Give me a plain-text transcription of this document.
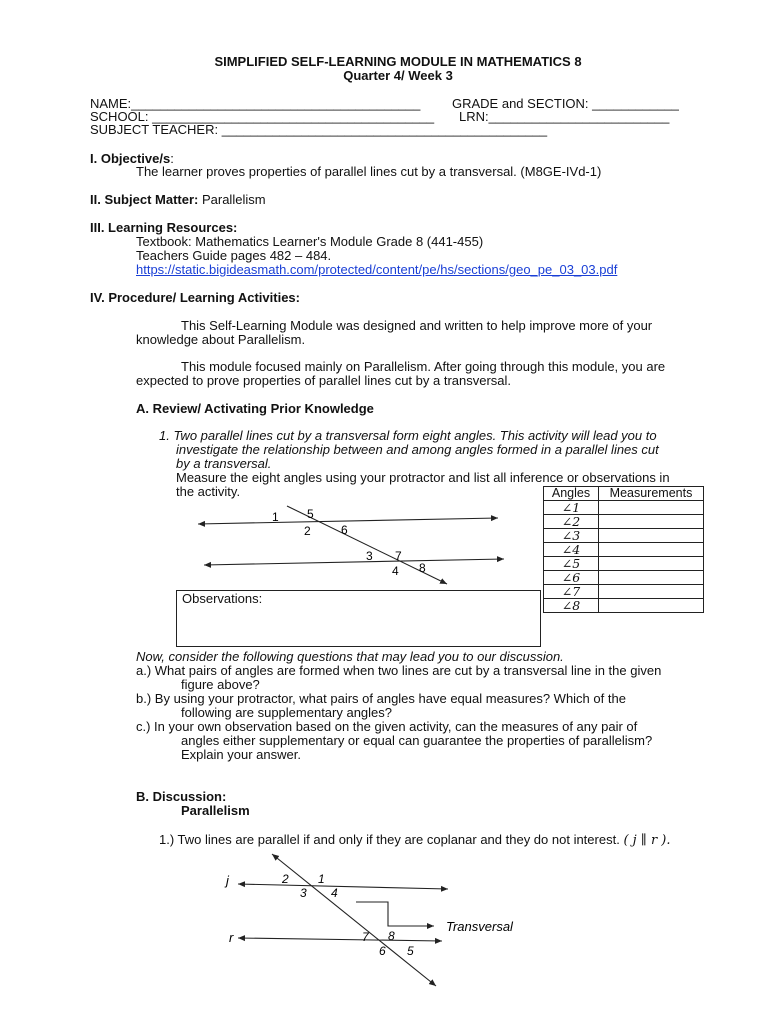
SIMPLIFIED SELF-LEARNING MODULE IN MATHEMATICS 8
Quarter 4/ Week 3
NAME:________________________________________ GRADE and SECTION: ____________
SCHOOL: _______________________________________ LRN:_________________________
SUBJECT TEACHER: _____________________________________________
I. Objective/s:
The learner proves properties of parallel lines cut by a transversal. (M8GE-IVd-1)
II. Subject Matter: Parallelism
III. Learning Resources:
Textbook: Mathematics Learner's Module Grade 8 (441-455)
Teachers Guide pages 482 – 484.
https://static.bigideasmath.com/protected/content/pe/hs/sections/geo_pe_03_03.pdf
IV. Procedure/ Learning Activities:
This Self-Learning Module was designed and written to help improve more of your
knowledge about Parallelism.
This module focused mainly on Parallelism. After going through this module, you are
expected to prove properties of parallel lines cut by a transversal.
A. Review/ Activating Prior Knowledge
1. Two parallel lines cut by a transversal form eight angles. This activity will lead you to
investigate the relationship between and among angles formed in a parallel lines cut
by a transversal.
Measure the eight angles using your protractor and list all inference or observations in
the activity.
1 5
2	6
3 7
4 8
Angles	Measurements
∠1	
∠2	
∠3	
∠4	
∠5	
∠6	
∠7	
∠8	
Observations:
Now, consider the following questions that may lead you to our discussion.
a.) What pairs of angles are formed when two lines are cut by a transversal line in the given
figure above?
b.) By using your protractor, what pairs of angles have equal measures? Which of the
following are supplementary angles?
c.) In your own observation based on the given activity, can the measures of any pair of
angles either supplementary or equal can guarantee the properties of parallelism?
Explain your answer.
B. Discussion:
Parallelism
1.) Two lines are parallel if and only if they are coplanar and they do not interest. ( j ∥ r ).
j
r
Transversal
2 1
3 4
7 8
6 5
